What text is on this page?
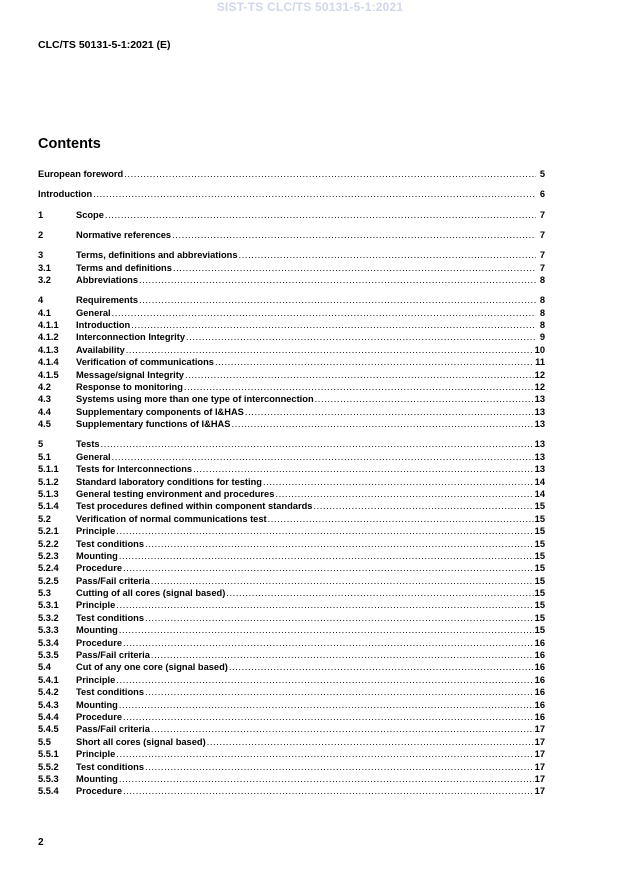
SIST-TS CLC/TS 50131-5-1:2021
CLC/TS 50131-5-1:2021 (E)
Contents
European foreword .....	5
Introduction .....	6
1	Scope .....	7
2	Normative references .....	7
3	Terms, definitions and abbreviations .....	7
3.1	Terms and definitions .....	7
3.2	Abbreviations .....	8
4	Requirements .....	8
4.1	General .....	8
4.1.1	Introduction .....	8
4.1.2	Interconnection Integrity .....	9
4.1.3	Availability .....	10
4.1.4	Verification of communications .....	11
4.1.5	Message/signal Integrity .....	12
4.2	Response to monitoring .....	12
4.3	Systems using more than one type of interconnection .....	13
4.4	Supplementary components of I&HAS .....	13
4.5	Supplementary functions of I&HAS .....	13
5	Tests .....	13
5.1	General .....	13
5.1.1	Tests for Interconnections .....	13
5.1.2	Standard laboratory conditions for testing .....	14
5.1.3	General testing environment and procedures .....	14
5.1.4	Test procedures defined within component standards .....	15
5.2	Verification of normal communications test .....	15
5.2.1	Principle .....	15
5.2.2	Test conditions .....	15
5.2.3	Mounting .....	15
5.2.4	Procedure .....	15
5.2.5	Pass/Fail criteria .....	15
5.3	Cutting of all cores (signal based) .....	15
5.3.1	Principle .....	15
5.3.2	Test conditions .....	15
5.3.3	Mounting .....	15
5.3.4	Procedure .....	16
5.3.5	Pass/Fail criteria .....	16
5.4	Cut of any one core (signal based) .....	16
5.4.1	Principle .....	16
5.4.2	Test conditions .....	16
5.4.3	Mounting .....	16
5.4.4	Procedure .....	16
5.4.5	Pass/Fail criteria .....	17
5.5	Short all cores (signal based) .....	17
5.5.1	Principle .....	17
5.5.2	Test conditions .....	17
5.5.3	Mounting .....	17
5.5.4	Procedure .....	17
2
